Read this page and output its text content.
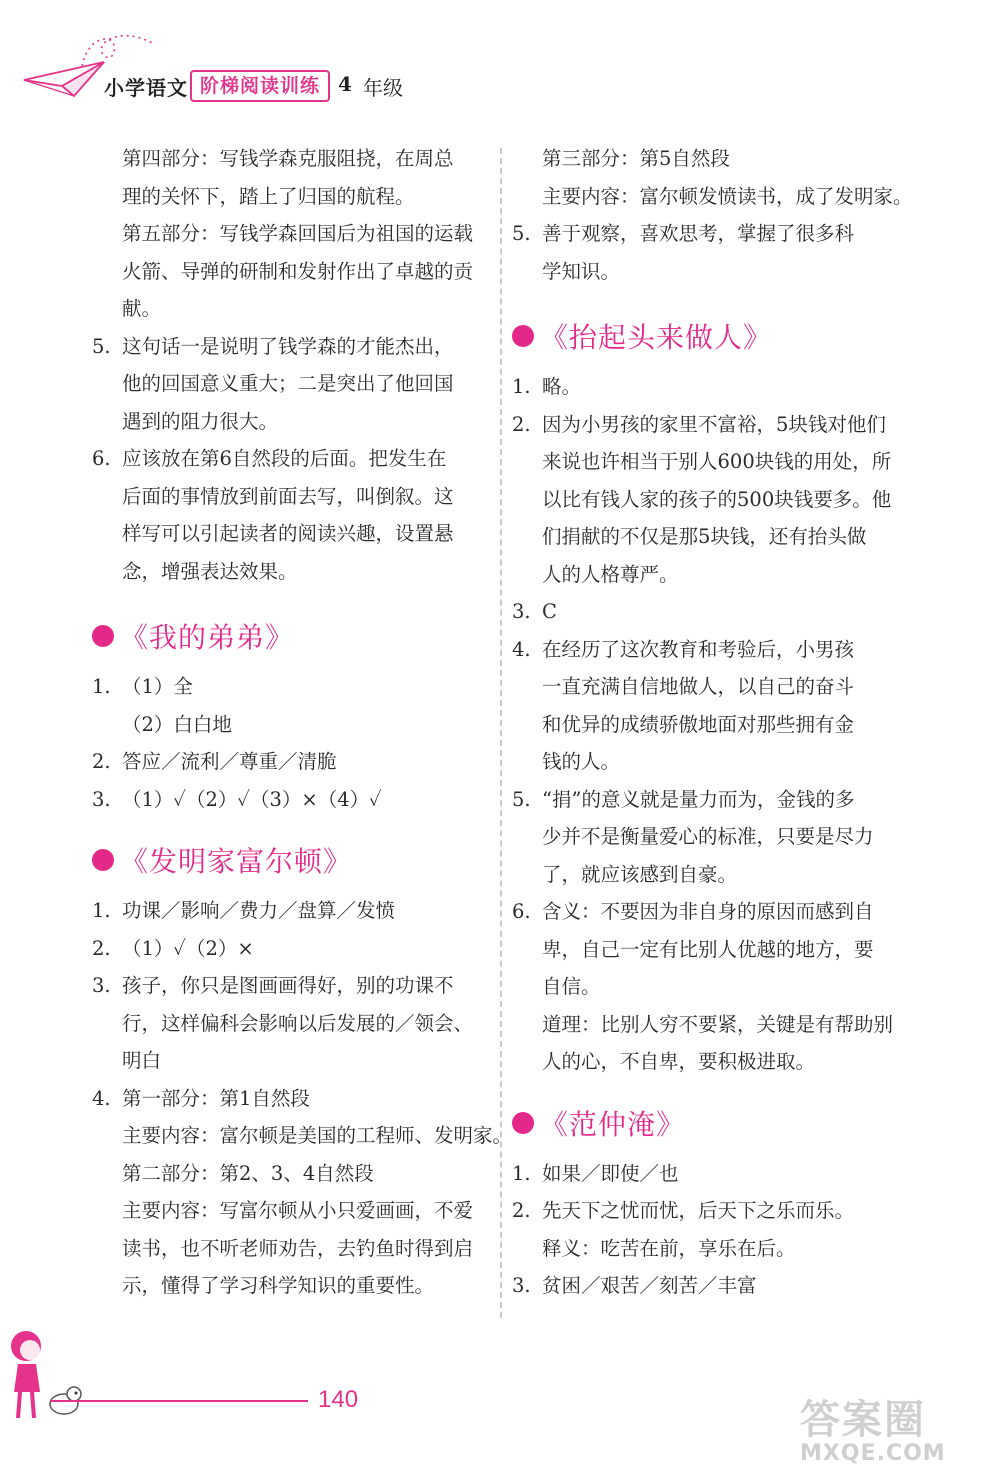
小学语文 阶梯阅读训练 4 年级
第四部分：写钱学森克服阻挠，在周总
理的关怀下，踏上了归国的航程。
第五部分：写钱学森回国后为祖国的运载
火箭、导弹的研制和发射作出了卓越的贡
献。
5. 这句话一是说明了钱学森的才能杰出，
他的回国意义重大；二是突出了他回国
遇到的阻力很大。
6. 应该放在第6自然段的后面。把发生在
后面的事情放到前面去写，叫倒叙。这
样写可以引起读者的阅读兴趣，设置悬
念，增强表达效果。
《我的弟弟》
1. （1）全
（2）白白地
2. 答应／流利／尊重／清脆
3. （1）✓（2）✓（3）×（4）✓
《发明家富尔顿》
1. 功课／影响／费力／盘算／发愤
2. （1）✓（2）×
3. 孩子，你只是图画画得好，别的功课不
行，这样偏科会影响以后发展的／领会、
明白
4. 第一部分：第1自然段
主要内容：富尔顿是美国的工程师、发明家。
第二部分：第2、3、4自然段
主要内容：写富尔顿从小只爱画画，不爱
读书，也不听老师劝告，去钓鱼时得到启
示，懂得了学习科学知识的重要性。
第三部分：第5自然段
主要内容：富尔顿发愤读书，成了发明家。
5. 善于观察，喜欢思考，掌握了很多科
学知识。
《抬起头来做人》
1. 略。
2. 因为小男孩的家里不富裕，5块钱对他们
来说也许相当于别人600块钱的用处，所
以比有钱人家的孩子的500块钱要多。他
们捐献的不仅是那5块钱，还有抬头做
人的人格尊严。
3. C
4. 在经历了这次教育和考验后，小男孩
一直充满自信地做人，以自己的奋斗
和优异的成绩骄傲地面对那些拥有金
钱的人。
5. “捐”的意义就是量力而为，金钱的多
少并不是衡量爱心的标准，只要是尽力
了，就应该感到自豪。
6. 含义：不要因为非自身的原因而感到自
卑，自己一定有比别人优越的地方，要
自信。
道理：比别人穷不要紧，关键是有帮助别
人的心，不自卑，要积极进取。
《范仲淹》
1. 如果／即使／也
2. 先天下之忧而忧，后天下之乐而乐。
释义：吃苦在前，享乐在后。
3. 贫困／艰苦／刻苦／丰富
140	答案圈
MXQE.COM
